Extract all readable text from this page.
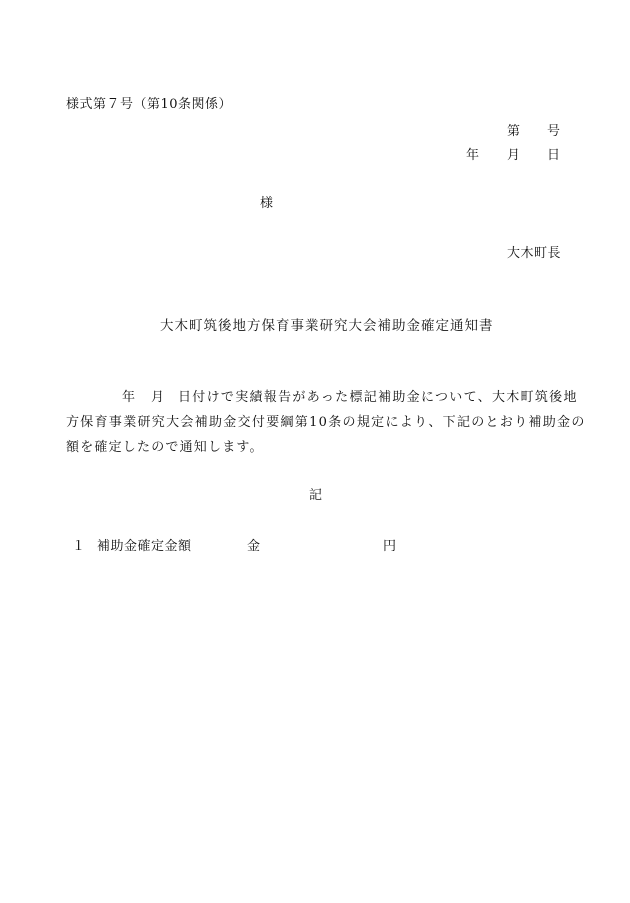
様式第７号（第10条関係）
第 号
年 月 日
様
大木町長
大木町筑後地方保育事業研究大会補助金確定通知書
年 月 日付けで実績報告があった標記補助金について、大木町筑後地
方保育事業研究大会補助金交付要綱第10条の規定により、下記のとおり補助金の
額を確定したので通知します。
記
１ 補助金確定金額	金	円
